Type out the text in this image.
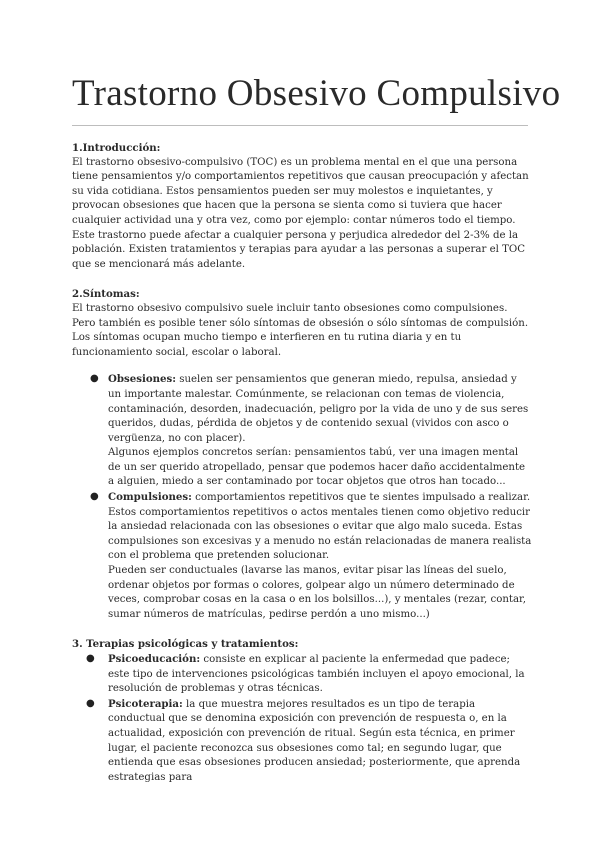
Trastorno Obsesivo Compulsivo
1.Introducción:

El trastorno obsesivo-compulsivo (TOC) es un problema mental en el que una persona tiene pensamientos y/o comportamientos repetitivos que causan preocupación y afectan su vida cotidiana. Estos pensamientos pueden ser muy molestos e inquietantes, y provocan obsesiones que hacen que la persona se sienta como si tuviera que hacer cualquier actividad una y otra vez, como por ejemplo: contar números todo el tiempo. Este trastorno puede afectar a cualquier persona y perjudica alrededor del 2-3% de la población. Existen tratamientos y terapias para ayudar a las personas a superar el TOC que se mencionará más adelante.

2.Síntomas:

El trastorno obsesivo compulsivo suele incluir tanto obsesiones como compulsiones.

Pero también es posible tener sólo síntomas de obsesión o sólo síntomas de compulsión.

Los síntomas ocupan mucho tiempo e interfieren en tu rutina diaria y en tu funcionamiento social, escolar o laboral.

● Obsesiones: suelen ser pensamientos que generan miedo, repulsa, ansiedad y un importante malestar. Comúnmente, se relacionan con temas de violencia, contaminación, desorden, inadecuación, peligro por la vida de uno y de sus seres queridos, dudas, pérdida de objetos y de contenido sexual (vividos con asco o vergüenza, no con placer).

Algunos ejemplos concretos serían: pensamientos tabú, ver una imagen mental de un ser querido atropellado, pensar que podemos hacer daño accidentalmente a alguien, miedo a ser contaminado por tocar objetos que otros han tocado...

● Compulsiones: comportamientos repetitivos que te sientes impulsado a realizar. Estos comportamientos repetitivos o actos mentales tienen como objetivo reducir la ansiedad relacionada con las obsesiones o evitar que algo malo suceda. Estas compulsiones son excesivas y a menudo no están relacionadas de manera realista con el problema que pretenden solucionar.

Pueden ser conductuales (lavarse las manos, evitar pisar las líneas del suelo, ordenar objetos por formas o colores, golpear algo un número determinado de veces, comprobar cosas en la casa o en los bolsillos...), y mentales (rezar, contar, sumar números de matrículas, pedirse perdón a uno mismo...)

3. Terapias psicológicas y tratamientos:
● Psicoeducación: consiste en explicar al paciente la enfermedad que padece; este tipo de intervenciones psicológicas también incluyen el apoyo emocional, la resolución de problemas y otras técnicas.

● Psicoterapia: la que muestra mejores resultados es un tipo de terapia conductual que se denomina exposición con prevención de respuesta o, en la actualidad, exposición con prevención de ritual. Según esta técnica, en primer lugar, el paciente reconozca sus obsesiones como tal; en segundo lugar, que entienda que esas obsesiones producen ansiedad; posteriormente, que aprenda estrategias para
